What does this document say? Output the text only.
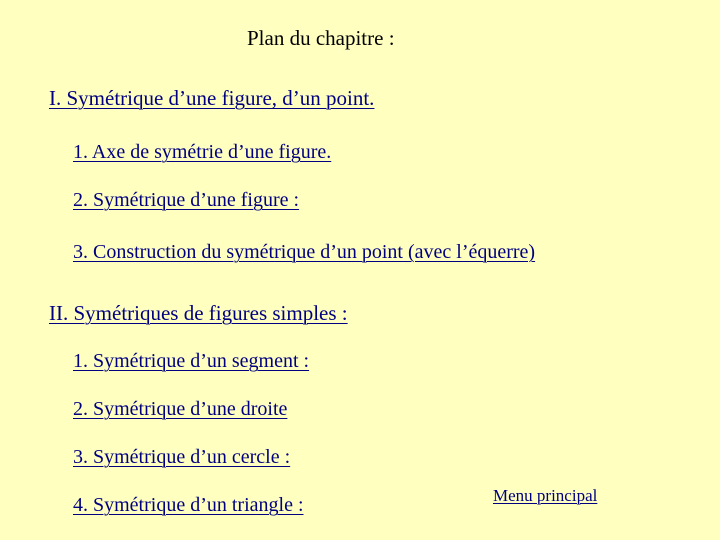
Plan du chapitre :
I. Symétrique d’une figure, d’un point.
1. Axe de symétrie d’une figure.
2. Symétrique d’une figure :
3. Construction du symétrique d’un point (avec l’équerre)
II. Symétriques de figures simples :
1. Symétrique d’un segment :
2. Symétrique d’une droite
3. Symétrique d’un cercle :
4. Symétrique d’un triangle :	Menu principal
